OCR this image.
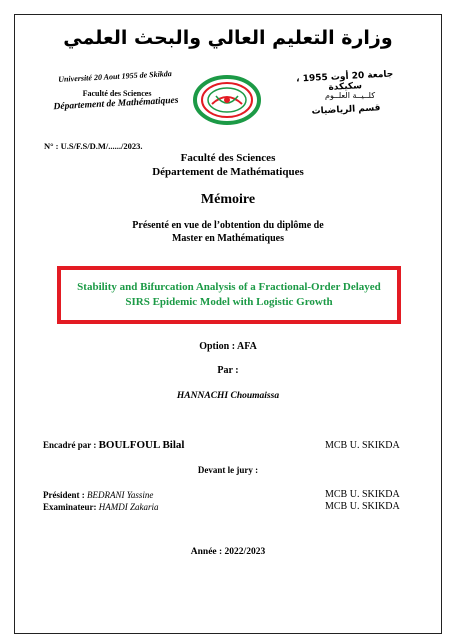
وزارة التعليم العالي والبحث العلمي
Université 20 Aout 1955 de Skikda
Faculté des Sciences
Département de Mathématiques
جامعة 20 أوت 1955 ، سكيكدة
كلــيــة العلــوم
قسم الرياضيات
N° : U.S/F.S/D.M/....../2023.
Faculté des Sciences
Département de Mathématiques
Mémoire
Présenté en vue de l’obtention du diplôme de
Master en Mathématiques
Stability and Bifurcation Analysis of a Fractional-Order Delayed SIRS Epidemic Model with Logistic Growth
Option : AFA
Par :
HANNACHI Choumaissa
Encadré par : BOULFOUL Bilal	MCB U. SKIKDA
Devant le jury :
Président : BEDRANI Yassine	MCB U. SKIKDA
Examinateur: HAMDI Zakaria	MCB U. SKIKDA
Année : 2022/2023
